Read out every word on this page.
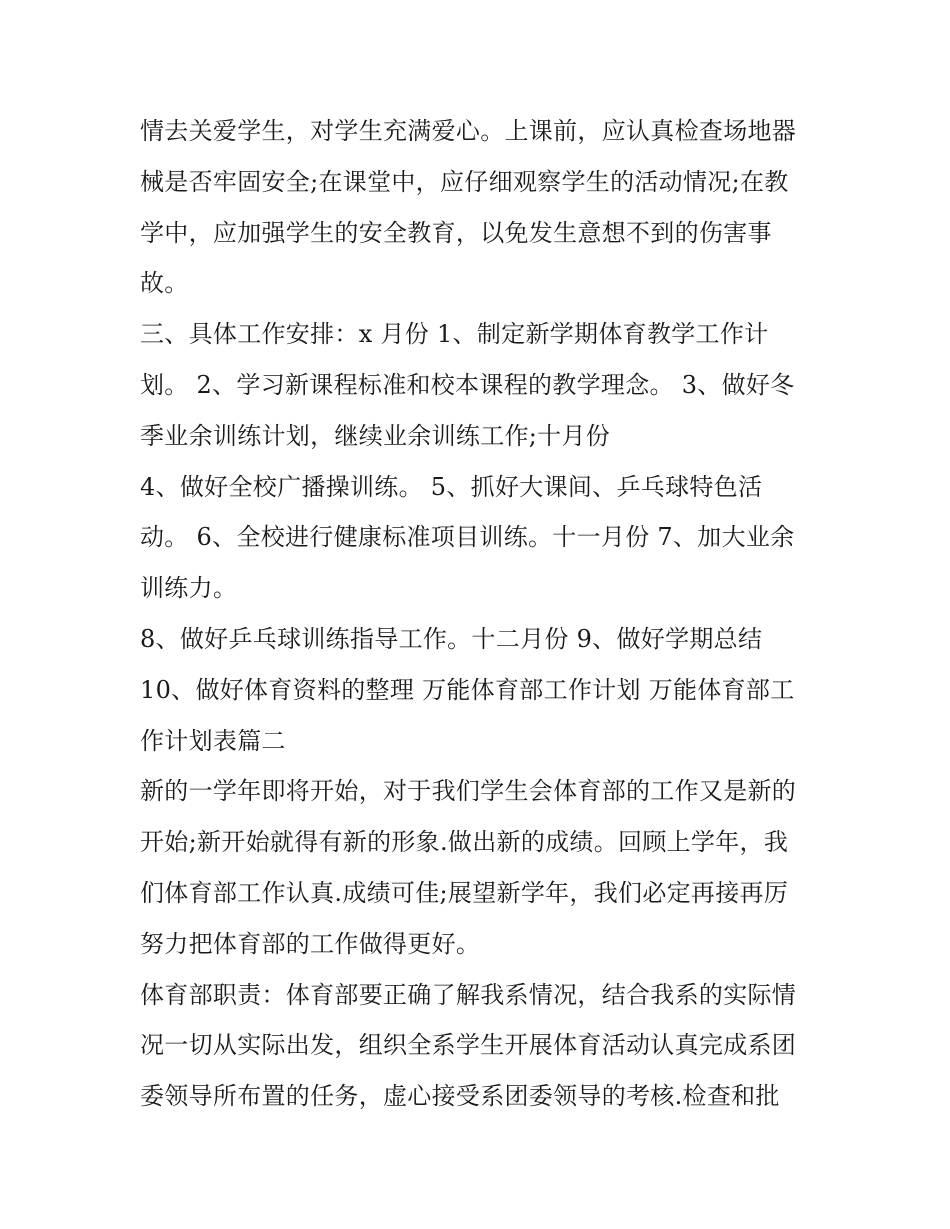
情去关爱学生，对学生充满爱心。上课前，应认真检查场地器
械是否牢固安全;在课堂中，应仔细观察学生的活动情况;在教
学中，应加强学生的安全教育，以免发生意想不到的伤害事
故。
三、具体工作安排：x 月份 1、制定新学期体育教学工作计
划。 2、学习新课程标准和校本课程的教学理念。 3、做好冬
季业余训练计划，继续业余训练工作;十月份
4、做好全校广播操训练。 5、抓好大课间、乒乓球特色活
动。 6、全校进行健康标准项目训练。十一月份 7、加大业余
训练力。
8、做好乒乓球训练指导工作。十二月份 9、做好学期总结
10、做好体育资料的整理 万能体育部工作计划 万能体育部工
作计划表篇二
新的一学年即将开始，对于我们学生会体育部的工作又是新的
开始;新开始就得有新的形象.做出新的成绩。回顾上学年，我
们体育部工作认真.成绩可佳;展望新学年，我们必定再接再厉
努力把体育部的工作做得更好。
体育部职责：体育部要正确了解我系情况，结合我系的实际情
况一切从实际出发，组织全系学生开展体育活动认真完成系团
委领导所布置的任务，虚心接受系团委领导的考核.检查和批
